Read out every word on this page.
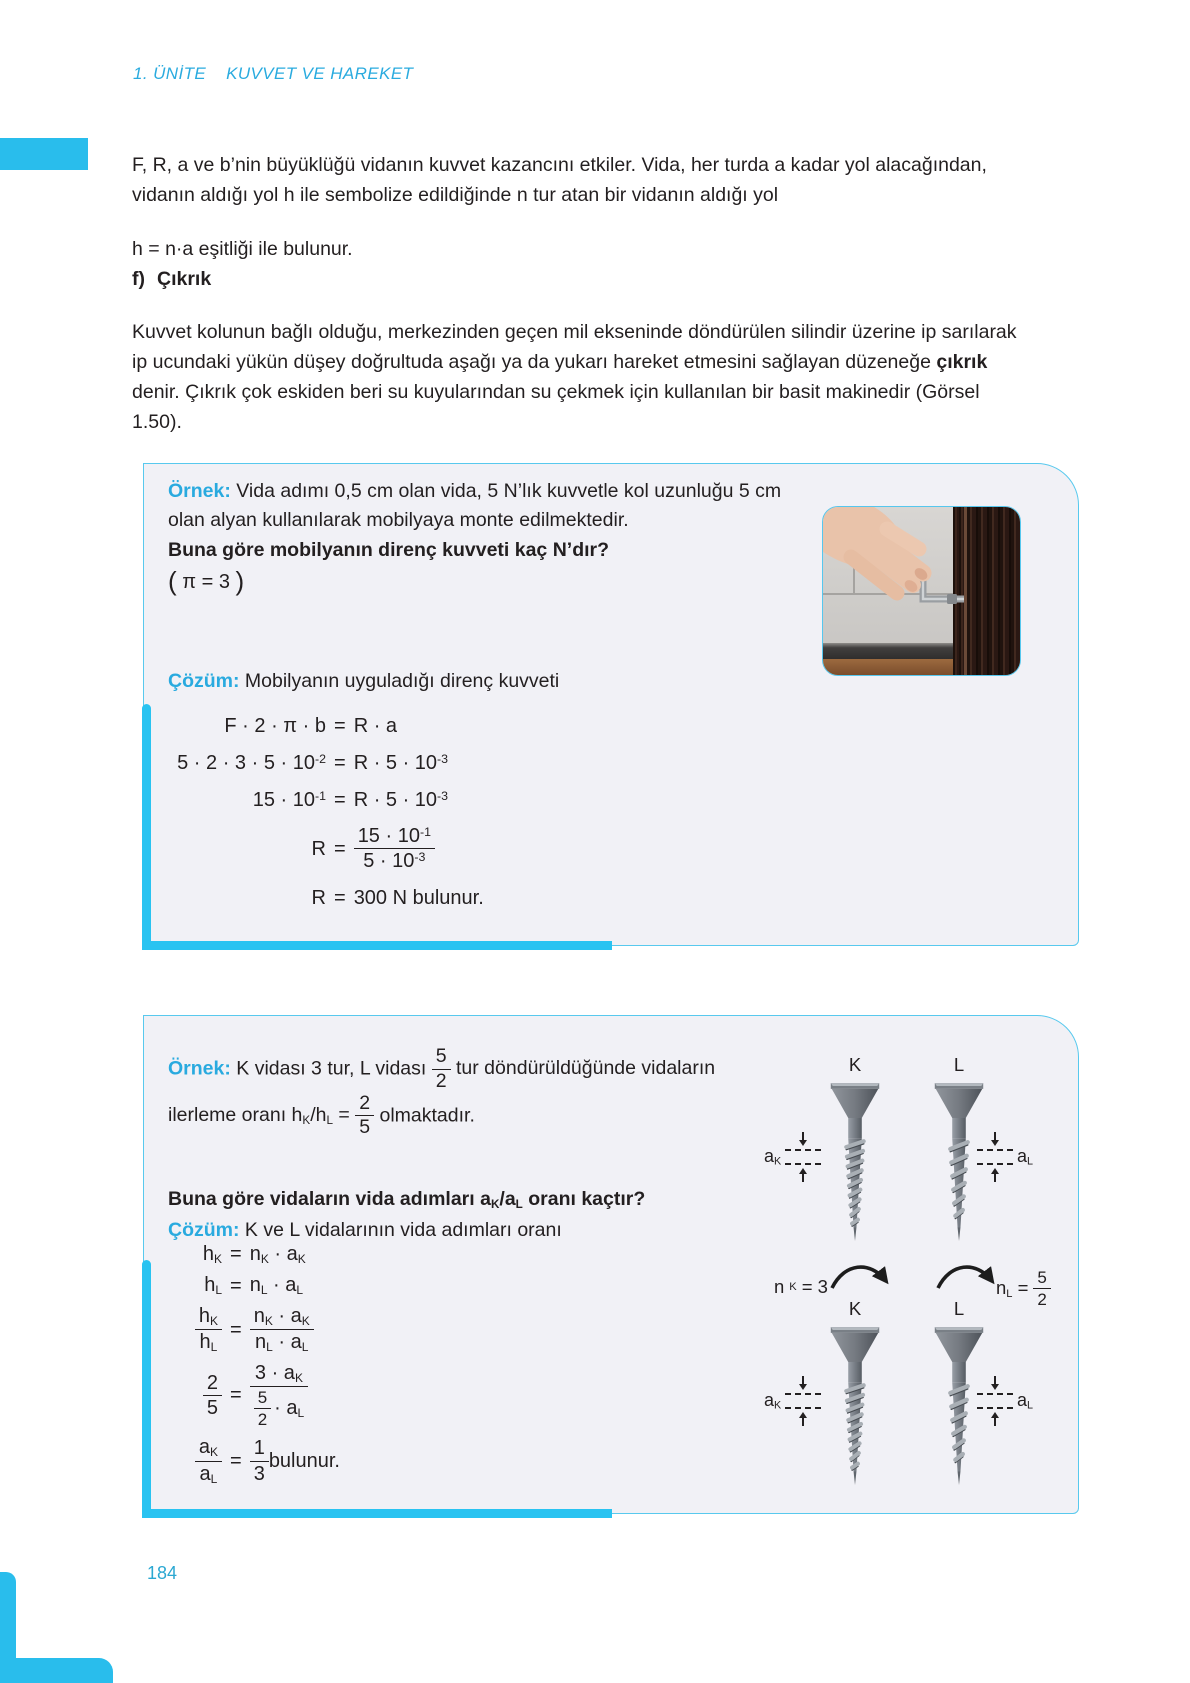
1. ÜNİTE KUVVET VE HAREKET

F, R, a ve b’nin büyüklüğü vidanın kuvvet kazancını etkiler. Vida, her turda a kadar yol alacağından, vidanın aldığı yol h ile sembolize edildiğinde n tur atan bir vidanın aldığı yol

h = n·a eşitliği ile bulunur.

f) Çıkrık

Kuvvet kolunun bağlı olduğu, merkezinden geçen mil ekseninde döndürülen silindir üzerine ip sarılarak ip ucundaki yükün düşey doğrultuda aşağı ya da yukarı hareket etmesini sağlayan düzeneğe çıkrık denir. Çıkrık çok eskiden beri su kuyularından su çekmek için kullanılan bir basit makinedir (Görsel 1.50).

Örnek: Vida adımı 0,5 cm olan vida, 5 N’lık kuvvetle kol uzunluğu 5 cm olan alyan kullanılarak mobilyaya monte edilmektedir.
Buna göre mobilyanın direnç kuvveti kaç N’dır?
( π = 3 )
Çözüm: Mobilyanın uyguladığı direnç kuvveti
F · 2 · π · b = R · a
$5 \cdot 2 \cdot 3 \cdot 5 \cdot 10^{-2} = R \cdot 5 \cdot 10^{-3}$
$15 \cdot 10^{-1} = R \cdot 5 \cdot 10^{-3}$
$R = \frac{15 \cdot 10^{-1}}{5 \cdot 10^{-3}}$
R = 300 N bulunur.
Örnek: K vidası 3 tur, L vidası $\frac{5}{2}$ tur döndürüldüğünde vidaların ilerleme oranı $h_K/h_L = \frac{2}{5}$ olmaktadır.
Buna göre vidaların vida adımları $a_K/a_L$ oranı kaçtır?
Çözüm: K ve L vidalarının vida adımları oranı
$h_K = n_K \cdot a_K$
$h_L = n_L \cdot a_L$
$\frac{h_K}{h_L} = \frac{n_K \cdot a_K}{n_L \cdot a_L}$
$\frac{2}{5} = \frac{3 \cdot a_K}{\frac{5}{2} \cdot a_L}$
$\frac{a_K}{a_L} = \frac{1}{3}$ bulunur.
K	L
$a_K$	$a_L$
n K = 3	$n_L = \frac{5}{2}$
K	L
$a_K$	$a_L$
184
